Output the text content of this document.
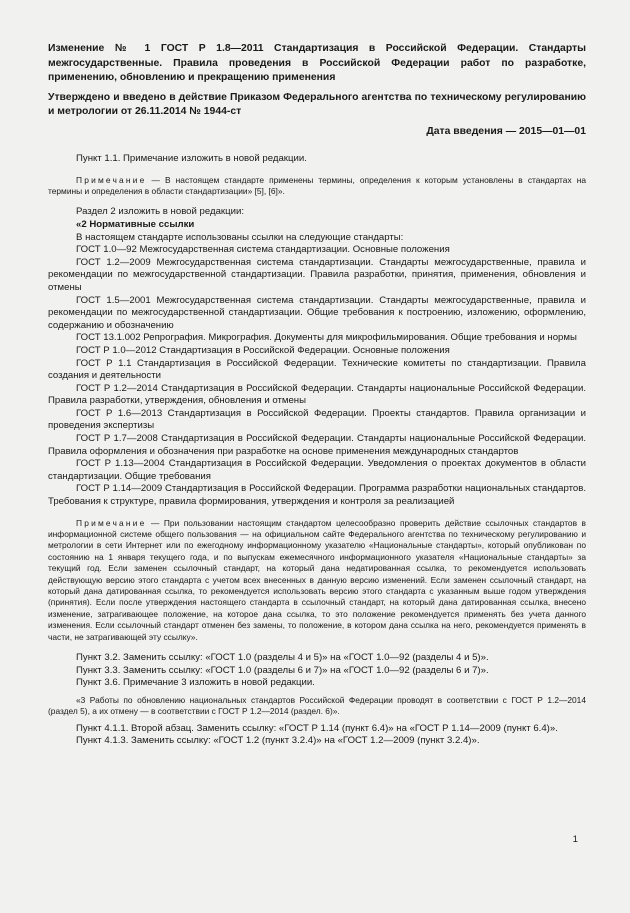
Изменение № 1 ГОСТ Р 1.8—2011 Стандартизация в Российской Федерации. Стандарты межгосударственные. Правила проведения в Российской Федерации работ по разработке, применению, обновлению и прекращению применения

Утверждено и введено в действие Приказом Федерального агентства по техническому регулированию и метрологии от 26.11.2014 № 1944-ст

Дата введения — 2015—01—01

Пункт 1.1. Примечание изложить в новой редакции.

Примечание — В настоящем стандарте применены термины, определения к которым установлены в стандартах на термины и определения в области стандартизации» [5], [6]».

Раздел 2 изложить в новой редакции:

«2 Нормативные ссылки

В настоящем стандарте использованы ссылки на следующие стандарты:

ГОСТ 1.0—92 Межгосударственная система стандартизации. Основные положения

ГОСТ 1.2—2009 Межгосударственная система стандартизации. Стандарты межгосударственные, правила и рекомендации по межгосударственной стандартизации. Правила разработки, принятия, применения, обновления и отмены

ГОСТ 1.5—2001 Межгосударственная система стандартизации. Стандарты межгосударственные, правила и рекомендации по межгосударственной стандартизации. Общие требования к построению, изложению, оформлению, содержанию и обозначению

ГОСТ 13.1.002 Репрография. Микрография. Документы для микрофильмирования. Общие требования и нормы

ГОСТ Р 1.0—2012 Стандартизация в Российской Федерации. Основные положения

ГОСТ Р 1.1 Стандартизация в Российской Федерации. Технические комитеты по стандартизации. Правила создания и деятельности

ГОСТ Р 1.2—2014 Стандартизация в Российской Федерации. Стандарты национальные Российской Федерации. Правила разработки, утверждения, обновления и отмены

ГОСТ Р 1.6—2013 Стандартизация в Российской Федерации. Проекты стандартов. Правила организации и проведения экспертизы

ГОСТ Р 1.7—2008 Стандартизация в Российской Федерации. Стандарты национальные Российской Федерации. Правила оформления и обозначения при разработке на основе применения международных стандартов

ГОСТ Р 1.13—2004 Стандартизация в Российской Федерации. Уведомления о проектах документов в области стандартизации. Общие требования

ГОСТ Р 1.14—2009 Стандартизация в Российской Федерации. Программа разработки национальных стандартов. Требования к структуре, правила формирования, утверждения и контроля за реализацией

Примечание — При пользовании настоящим стандартом целесообразно проверить действие ссылочных стандартов в информационной системе общего пользования — на официальном сайте Федерального агентства по техническому регулированию и метрологии в сети Интернет или по ежегодному информационному указателю «Национальные стандарты», который опубликован по состоянию на 1 января текущего года, и по выпускам ежемесячного информационного указателя «Национальные стандарты» за текущий год. Если заменен ссылочный стандарт, на который дана недатированная ссылка, то рекомендуется использовать действующую версию этого стандарта с учетом всех внесенных в данную версию изменений. Если заменен ссылочный стандарт, на который дана датированная ссылка, то рекомендуется использовать версию этого стандарта с указанным выше годом утверждения (принятия). Если после утверждения настоящего стандарта в ссылочный стандарт, на который дана датированная ссылка, внесено изменение, затрагивающее положение, на которое дана ссылка, то это положение рекомендуется применять без учета данного изменения. Если ссылочный стандарт отменен без замены, то положение, в котором дана ссылка на него, рекомендуется применять в части, не затрагивающей эту ссылку».

Пункт 3.2. Заменить ссылку: «ГОСТ 1.0 (разделы 4 и 5)» на «ГОСТ 1.0—92 (разделы 4 и 5)».

Пункт 3.3. Заменить ссылку: «ГОСТ 1.0 (разделы 6 и 7)» на «ГОСТ 1.0—92 (разделы 6 и 7)».

Пункт 3.6. Примечание 3 изложить в новой редакции.

«3 Работы по обновлению национальных стандартов Российской Федерации проводят в соответствии с ГОСТ Р 1.2—2014 (раздел 5), а их отмену — в соответствии с ГОСТ Р 1.2—2014 (раздел. 6)».

Пункт 4.1.1. Второй абзац. Заменить ссылку: «ГОСТ Р 1.14 (пункт 6.4)» на «ГОСТ Р 1.14—2009 (пункт 6.4)».

Пункт 4.1.3. Заменить ссылку: «ГОСТ 1.2 (пункт 3.2.4)» на «ГОСТ 1.2—2009 (пункт 3.2.4)».

1
